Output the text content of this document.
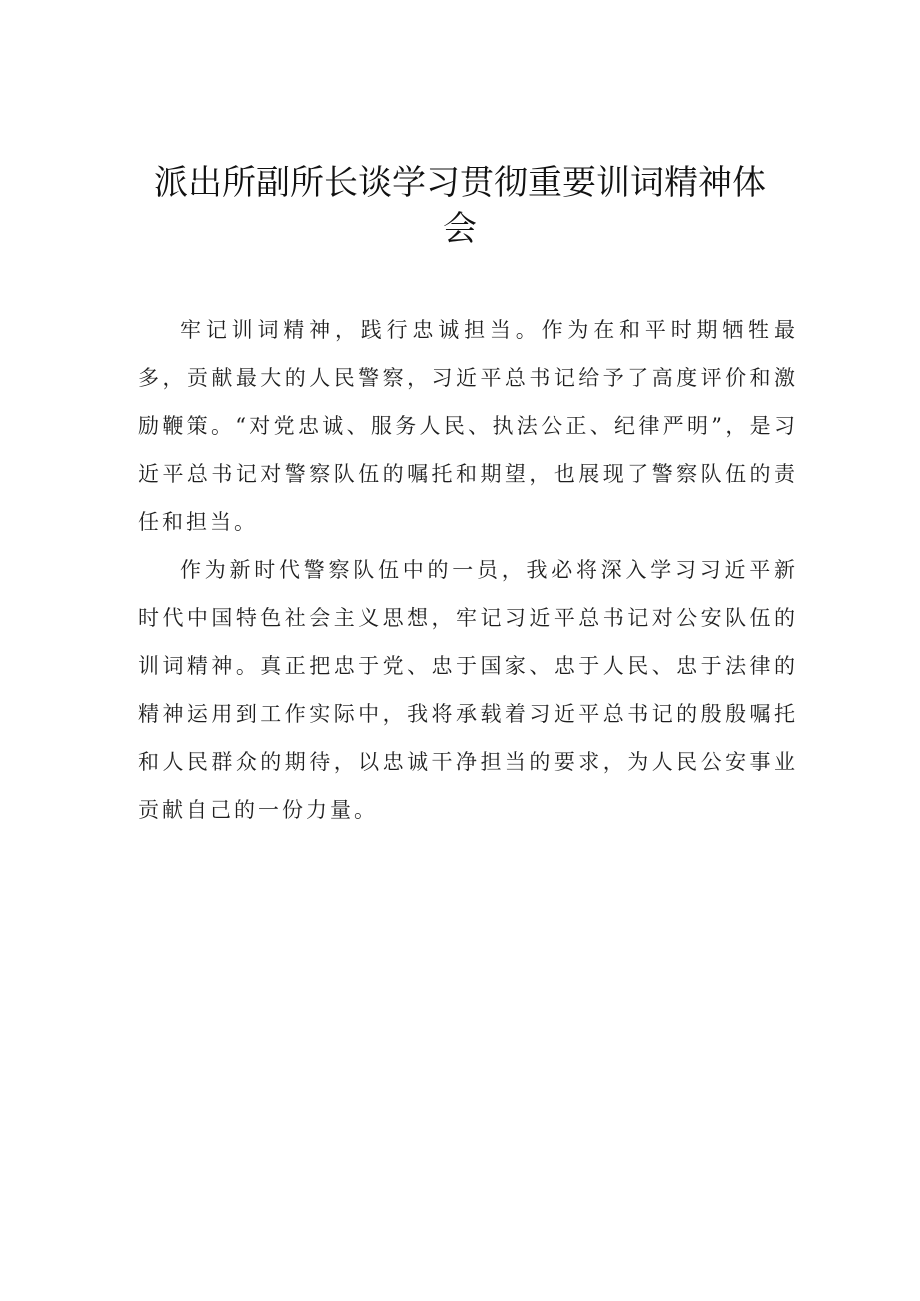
派出所副所长谈学习贯彻重要训词精神体会

牢记训词精神，践行忠诚担当。作为在和平时期牺牲最多，贡献最大的人民警察，习近平总书记给予了高度评价和激励鞭策。“对党忠诚、服务人民、执法公正、纪律严明”，是习近平总书记对警察队伍的嘱托和期望，也展现了警察队伍的责任和担当。

作为新时代警察队伍中的一员，我必将深入学习习近平新时代中国特色社会主义思想，牢记习近平总书记对公安队伍的训词精神。真正把忠于党、忠于国家、忠于人民、忠于法律的精神运用到工作实际中，我将承载着习近平总书记的殷殷嘱托和人民群众的期待，以忠诚干净担当的要求，为人民公安事业贡献自己的一份力量。
